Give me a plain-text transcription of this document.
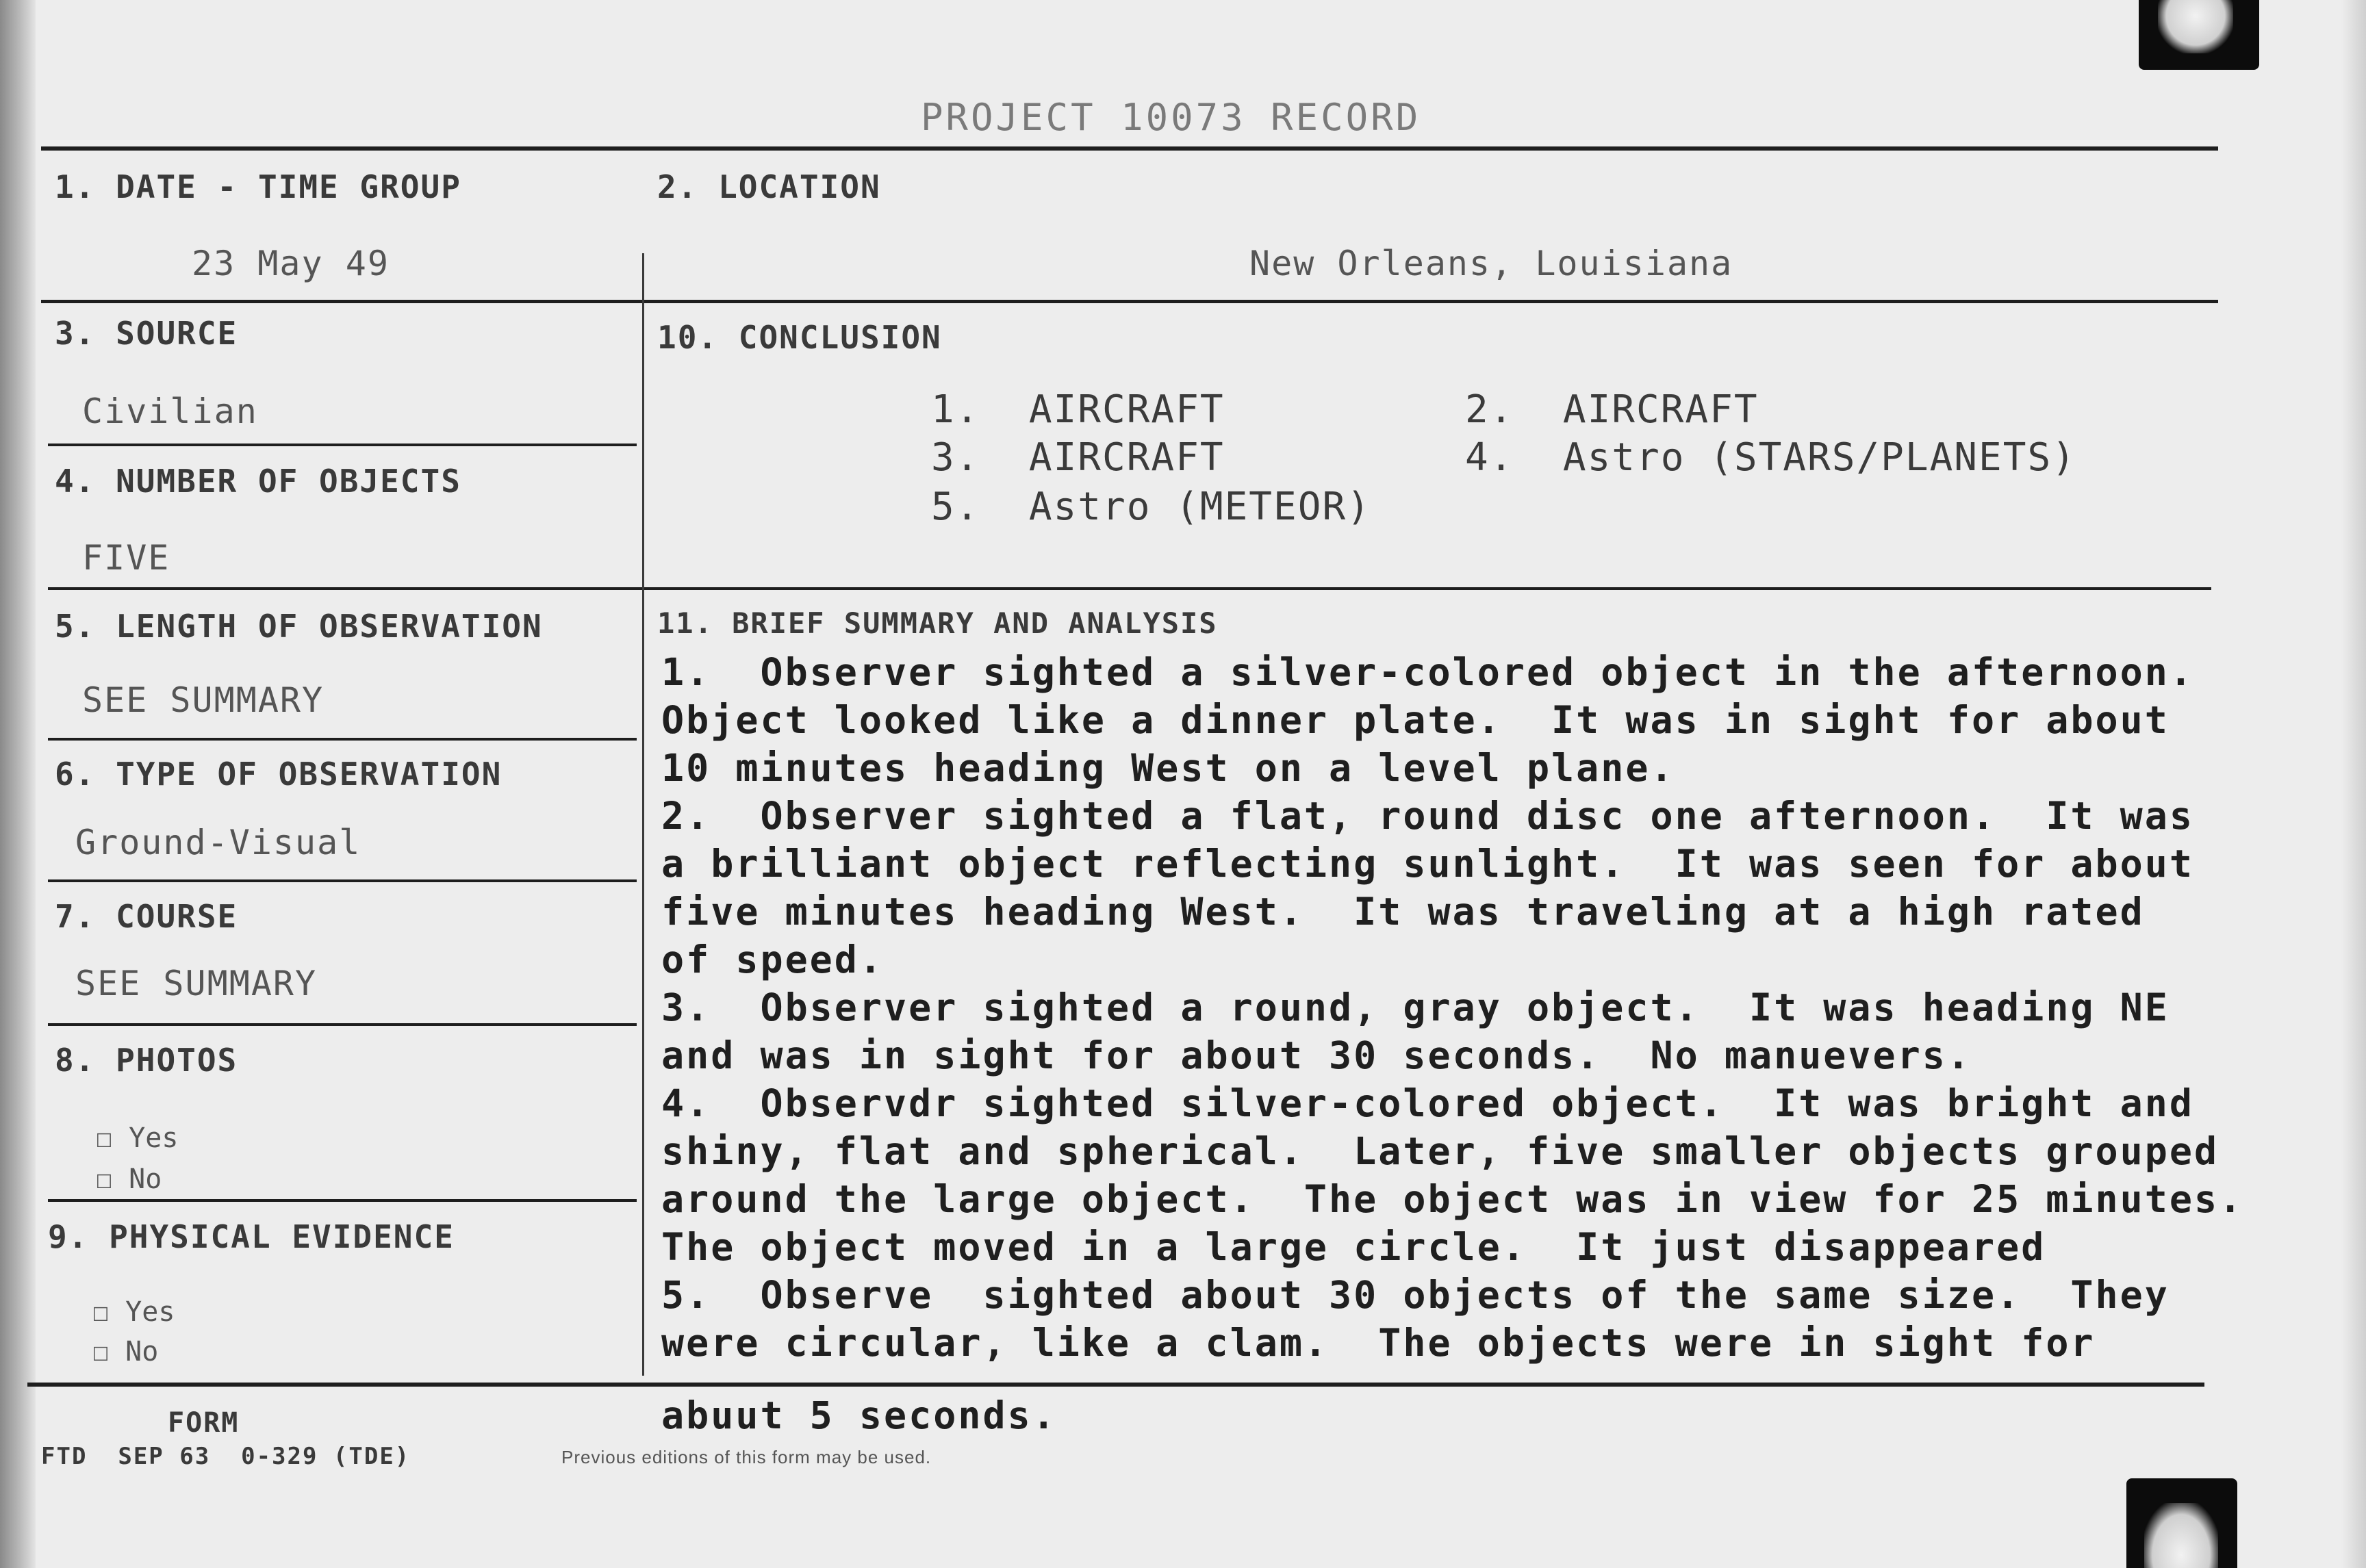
PROJECT 10073 RECORD
1. DATE - TIME GROUP
23 May 49
2. LOCATION
New Orleans, Louisiana
3. SOURCE
Civilian
4. NUMBER OF OBJECTS
FIVE
5. LENGTH OF OBSERVATION
SEE SUMMARY
6. TYPE OF OBSERVATION
Ground-Visual
7. COURSE
SEE SUMMARY
8. PHOTOS
☐ Yes
☐ No
9. PHYSICAL EVIDENCE
☐ Yes
☐ No
10. CONCLUSION
1.  AIRCRAFT	2.  AIRCRAFT
3.  AIRCRAFT	4.  Astro (STARS/PLANETS)
5.  Astro (METEOR)
11. BRIEF SUMMARY AND ANALYSIS
1.  Observer sighted a silver-colored object in the afternoon.
Object looked like a dinner plate.  It was in sight for about
10 minutes heading West on a level plane.
2.  Observer sighted a flat, round disc one afternoon.  It was
a brilliant object reflecting sunlight.  It was seen for about
five minutes heading West.  It was traveling at a high rated
of speed.
3.  Observer sighted a round, gray object.  It was heading NE
and was in sight for about 30 seconds.  No manuevers.
4.  Observdr sighted silver-colored object.  It was bright and
shiny, flat and spherical.  Later, five smaller objects grouped
around the large object.  The object was in view for 25 minutes.
The object moved in a large circle.  It just disappeared
5.  Observe  sighted about 30 objects of the same size.  They
were circular, like a clam.  The objects were in sight for
abuut 5 seconds.
FORM
FTD  SEP 63  0-329 (TDE)	Previous editions of this form may be used.
